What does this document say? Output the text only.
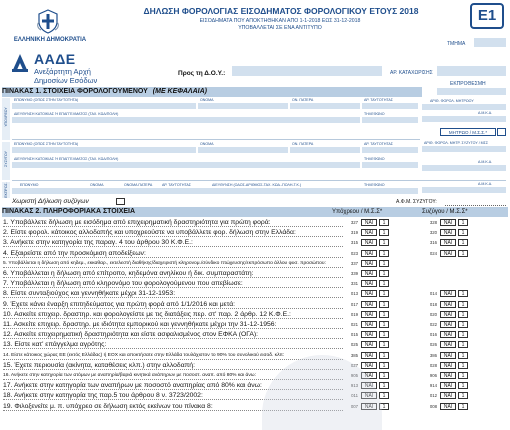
ΕΛΛΗΝΙΚΗ ΔΗΜΟΚΡΑΤΙΑ
ΑΑΔΕ
Ανεξάρτητη Αρχή
Δημοσίων Εσόδων
ΔΗΛΩΣΗ ΦΟΡΟΛΟΓΙΑΣ ΕΙΣΟΔΗΜΑΤΟΣ ΦΟΡΟΛΟΓΙΚΟΥ ΕΤΟΥΣ 2018
ΕΙΣΟΔΗΜΑΤΑ ΠΟΥ ΑΠΟΚΤΗΘΗΚΑΝ ΑΠΟ 1-1-2018 ΕΩΣ 31-12-2018
ΥΠΟΒΑΛΛΕΤΑΙ ΣΕ ΕΝΑ ΑΝΤΙΤΥΠΟ
E1
ΤΜΗΜΑ
Προς τη Δ.Ο.Υ.:	ΑΡ. ΚΑΤΑΧΩΡΙΣΗΣ
ΕΚΠΡΟΘΕΣΜΗ
ΠΙΝΑΚΑΣ 1. ΣΤΟΙΧΕΙΑ ΦΟΡΟΛΟΓΟΥΜΕΝΟΥ (ΜΕ ΚΕΦΑΛΑΙΑ)
ΥΠΟΧΡΕΟΥ
ΣΥΖΥΓΟΥ
ΕΚΠΡΟΣ.
ΕΠΩΝΥΜΟ (ΟΠΩΣ ΣΤΗΝ ΤΑΥΤΟΤΗΤΑ)	ΟΝΟΜΑ	ΟΝ. ΠΑΤΕΡΑ	ΑΡ. ΤΑΥΤΟΤΗΤΑΣ	ΑΡΙΘ. ΦΟΡΟΛ. ΜΗΤΡΩΟΥ
ΔΙΕΥΘΥΝΣΗ ΚΑΤΟΙΚΙΑΣ Ή ΕΠΑΓΓΕΛΜΑΤΟΣ (ΤΑΧ. ΚΩΔ/ΠΟΛΗ)	ΤΗΛΕΦΩΝΟ	Α.Μ.Κ.Α.
ΜΗΤΡΩΟ / Μ.Σ.Σ.*
ΕΠΩΝΥΜΟ (ΟΠΩΣ ΣΤΗΝ ΤΑΥΤΟΤΗΤΑ)	ΟΝΟΜΑ	ΟΝ. ΠΑΤΕΡΑ	ΑΡ. ΤΑΥΤΟΤΗΤΑΣ	ΑΡΙΘ. ΦΟΡΟΛ. ΜΗΤΡ. ΣΥΖΥΓΟΥ / ΜΣΣ
ΔΙΕΥΘΥΝΣΗ ΚΑΤΟΙΚΙΑΣ Ή ΕΠΑΓΓΕΛΜΑΤΟΣ (ΤΑΧ. ΚΩΔ/ΠΟΛΗ)	ΤΗΛΕΦΩΝΟ
Α.Μ.Κ.Α.
ΕΠΩΝΥΜΟ	ΟΝΟΜΑ	ΟΝΟΜΑ ΠΑΤΕΡΑ	ΑΡ. ΤΑΥΤΟΤΗΤΑΣ	ΔΙΕΥΘΥΝΣΗ (ΟΔΟΣ-ΑΡΙΘΜΟΣ-ΤΑΧ. ΚΩΔ.-ΠΟΛΗ-Τ.Κ.)	ΤΗΛΕΦΩΝΟ	Α.Μ.Κ.Α.
Χωριστή Δήλωση συζύγων	Α.Φ.Μ. ΣΥΖΥΓΟΥ:
ΠΙΝΑΚΑΣ 2. ΠΛΗΡΟΦΟΡΙΑΚΑ ΣΤΟΙΧΕΙΑ	Υπόχρεου / Μ.Σ.Σ*	Συζύγου / Μ.Σ.Σ*
1. Υποβάλλετε δήλωση με εισόδημα από επιχειρηματική δραστηριότητα για πρώτη φορά:	327	ΝΑΙ	1	328	ΝΑΙ	1
2. Είστε φορολ. κάτοικος αλλοδαπής και υποχρεούστε να υποβάλλετε φορ. δήλωση στην Ελλάδα:	319	ΝΑΙ	1	320	ΝΑΙ	1
3. Ανήκετε στην κατηγορία της παραγ. 4 του άρθρου 30 Κ.Φ.Ε.:	315	ΝΑΙ	1	316	ΝΑΙ	1
4. Εξαιρείστε από την προσκόμιση αποδείξεων:	023	ΝΑΙ	1	024	ΝΑΙ	1
5. Υποβάλλεται η δήλωση από κηδεμ., εκκαθαρ., εκτελεστή διαθήκης/διαχειριστή κληρονομ./σύνδικο πτώχευσης/εκπρόσωπο άλλου φυσ. προσώπου:	337	ΝΑΙ	1
6. Υποβάλλεται η δήλωση από επίτροπο, κηδεμόνα ανηλίκου ή δικ. συμπαραστάτη:	339	ΝΑΙ	1
7. Υποβάλλεται η δήλωση από κληρονόμο του φορολογούμενου που απεβίωσε:	331	ΝΑΙ	1
8. Είστε συνταξιούχος και γεννηθήκατε μέχρι 31-12-1953:	013	ΝΑΙ	1	014	ΝΑΙ	1
9. Έχετε κάνει έναρξη επιτηδεύματος για πρώτη φορά από 1/1/2016 και μετά:	017	ΝΑΙ	1	018	ΝΑΙ	1
10. Ασκείτε επιχειρ. δραστηρ. και φορολογείστε με τις διατάξεις περ. στ' παρ. 2 άρθρ. 12 Κ.Φ.Ε.:	019	ΝΑΙ	1	020	ΝΑΙ	1
11. Ασκείτε επιχειρ. δραστηρ. με ιδιότητα εμπορικού και γεννηθήκατε μέχρι την 31-12-1956:	021	ΝΑΙ	1	022	ΝΑΙ	1
12. Ασκείτε επιχειρηματική δραστηριότητα και είστε ασφαλισμένος στον ΕΦΚΑ (ΟΓΑ):	015	ΝΑΙ	1	016	ΝΑΙ	1
13. Είστε κατ' επάγγελμα αγρότης:	025	ΝΑΙ	1	026	ΝΑΙ	1
14. Είστε κάτοικος χώρας ΕΕ (εκτός Ελλάδας) ή ΕΟΧ και αποκτήσατε στην Ελλάδα τουλάχιστον το 90% του συνολικού εισοδ. κλπ:	385	ΝΑΙ	1	386	ΝΑΙ	1
15. Έχετε περιουσία (ακίνητα, καταθέσεις κλπ.) στην αλλοδαπή:	027	ΝΑΙ	1	028	ΝΑΙ	1
16. Ανήκετε στην κατηγορία των ατόμων με αναπηρία/βαριά κινητικά ανάπηρων με ποσοστ. αναπ. από 80% και άνω:	905	ΝΑΙ	1	906	ΝΑΙ	1
17. Ανήκετε στην κατηγορία των αναπήρων με ποσοστό αναπηρίας από 80% και άνω:	913	ΝΑΙ	1	914	ΝΑΙ	1
18. Ανήκετε στην κατηγορία της παρ.5 του άρθρου 8 ν. 3723/2002:	011	ΝΑΙ	1	012	ΝΑΙ	1
19. Φιλοξενείτε μ. π. υπόχρεο σε δήλωση εκτός εκείνων του πίνακα 8:	007	ΝΑΙ	1	008	ΝΑΙ	1
